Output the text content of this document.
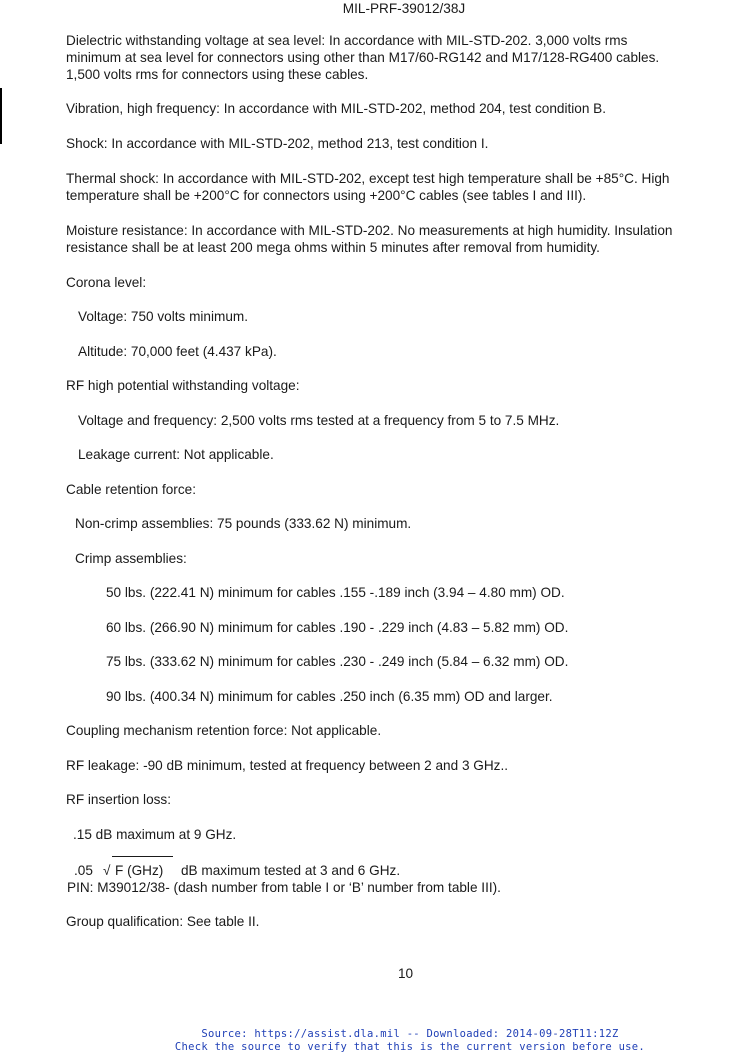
MIL-PRF-39012/38J
Dielectric withstanding voltage at sea level: In accordance with MIL-STD-202. 3,000 volts rms
minimum at sea level for connectors using other than M17/60-RG142 and M17/128-RG400 cables.
1,500 volts rms for connectors using these cables.
Vibration, high frequency: In accordance with MIL-STD-202, method 204, test condition B.
Shock: In accordance with MIL-STD-202, method 213, test condition I.
Thermal shock: In accordance with MIL-STD-202, except test high temperature shall be +85°C. High
temperature shall be +200°C for connectors using +200°C cables (see tables I and III).
Moisture resistance: In accordance with MIL-STD-202. No measurements at high humidity. Insulation
resistance shall be at least 200 mega ohms within 5 minutes after removal from humidity.
Corona level:
Voltage: 750 volts minimum.
Altitude: 70,000 feet (4.437 kPa).
RF high potential withstanding voltage:
Voltage and frequency: 2,500 volts rms tested at a frequency from 5 to 7.5 MHz.
Leakage current: Not applicable.
Cable retention force:
Non-crimp assemblies: 75 pounds (333.62 N) minimum.
Crimp assemblies:
50 lbs. (222.41 N) minimum for cables .155 -.189 inch (3.94 – 4.80 mm) OD.
60 lbs. (266.90 N) minimum for cables .190 - .229 inch (4.83 – 5.82 mm) OD.
75 lbs. (333.62 N) minimum for cables .230 - .249 inch (5.84 – 6.32 mm) OD.
90 lbs. (400.34 N) minimum for cables .250 inch (6.35 mm) OD and larger.
Coupling mechanism retention force: Not applicable.
RF leakage: -90 dB minimum, tested at frequency between 2 and 3 GHz..
RF insertion loss:
.15 dB maximum at 9 GHz.
.05 √ F (GHz) dB maximum tested at 3 and 6 GHz.
PIN: M39012/38- (dash number from table I or ‘B’ number from table III).
Group qualification: See table II.
10
Source: https://assist.dla.mil -- Downloaded: 2014-09-28T11:12Z
Check the source to verify that this is the current version before use.
